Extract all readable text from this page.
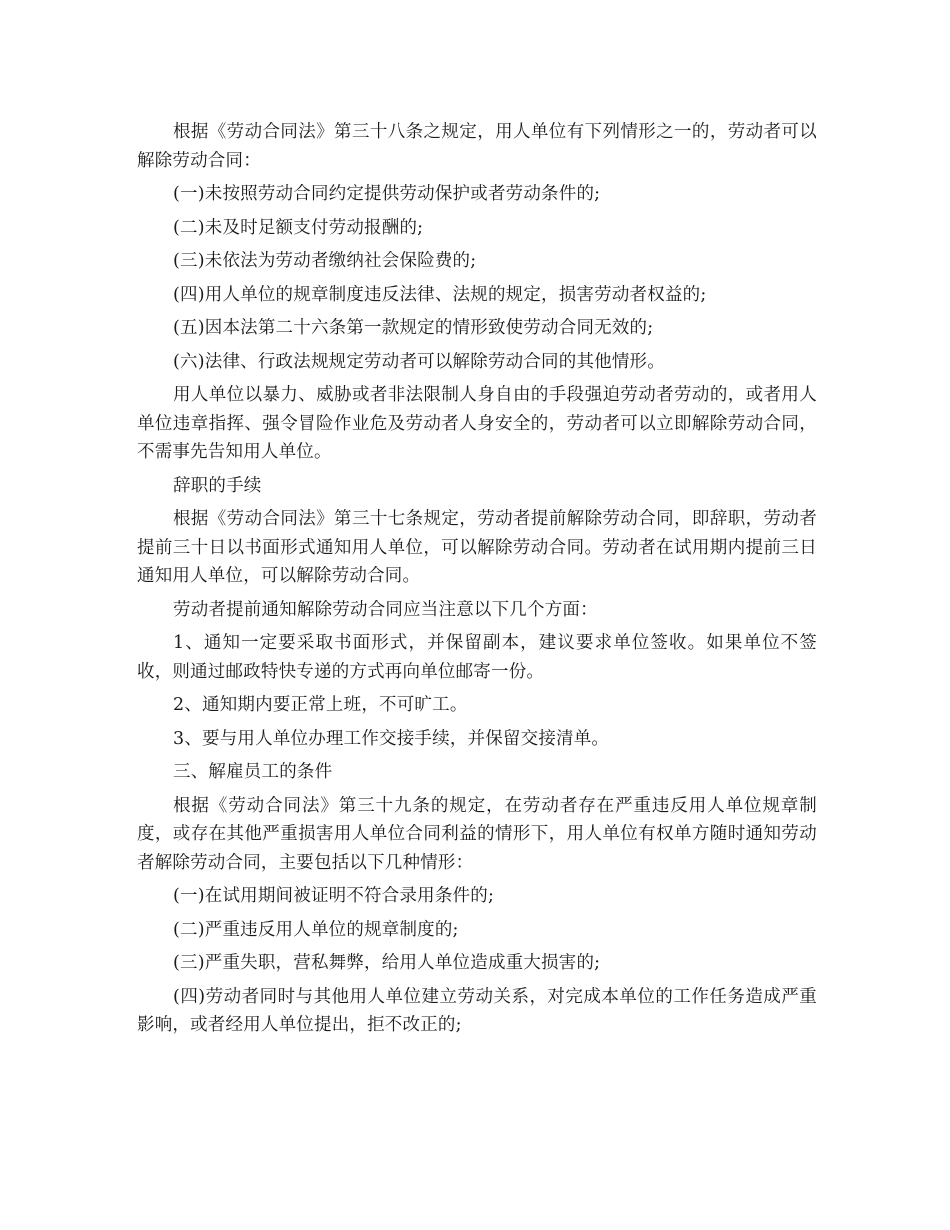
根据《劳动合同法》第三十八条之规定，用人单位有下列情形之一的，劳动者可以解除劳动合同：

(一)未按照劳动合同约定提供劳动保护或者劳动条件的;

(二)未及时足额支付劳动报酬的;

(三)未依法为劳动者缴纳社会保险费的;

(四)用人单位的规章制度违反法律、法规的规定，损害劳动者权益的;

(五)因本法第二十六条第一款规定的情形致使劳动合同无效的;

(六)法律、行政法规规定劳动者可以解除劳动合同的其他情形。

用人单位以暴力、威胁或者非法限制人身自由的手段强迫劳动者劳动的，或者用人单位违章指挥、强令冒险作业危及劳动者人身安全的，劳动者可以立即解除劳动合同，不需事先告知用人单位。

辞职的手续

根据《劳动合同法》第三十七条规定，劳动者提前解除劳动合同，即辞职，劳动者提前三十日以书面形式通知用人单位，可以解除劳动合同。劳动者在试用期内提前三日通知用人单位，可以解除劳动合同。

劳动者提前通知解除劳动合同应当注意以下几个方面：

1、通知一定要采取书面形式，并保留副本，建议要求单位签收。如果单位不签收，则通过邮政特快专递的方式再向单位邮寄一份。

2、通知期内要正常上班，不可旷工。

3、要与用人单位办理工作交接手续，并保留交接清单。

三、解雇员工的条件

根据《劳动合同法》第三十九条的规定，在劳动者存在严重违反用人单位规章制度，或存在其他严重损害用人单位合同利益的情形下，用人单位有权单方随时通知劳动者解除劳动合同，主要包括以下几种情形：

(一)在试用期间被证明不符合录用条件的;

(二)严重违反用人单位的规章制度的;

(三)严重失职，营私舞弊，给用人单位造成重大损害的;

(四)劳动者同时与其他用人单位建立劳动关系，对完成本单位的工作任务造成严重影响，或者经用人单位提出，拒不改正的;
